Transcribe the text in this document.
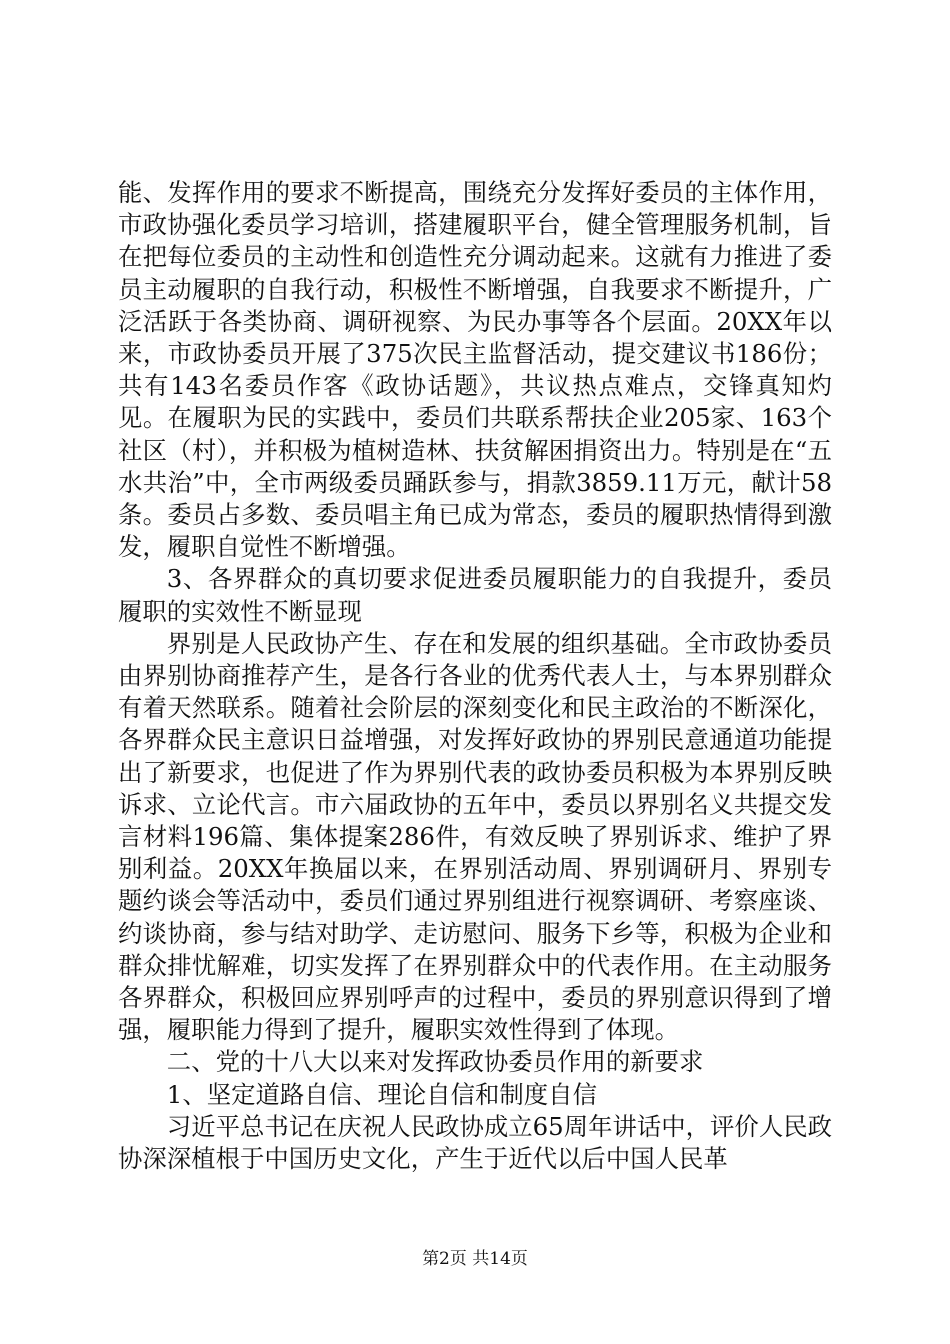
能、发挥作用的要求不断提高，围绕充分发挥好委员的主体作用，市政协强化委员学习培训，搭建履职平台，健全管理服务机制，旨在把每位委员的主动性和创造性充分调动起来。这就有力推进了委员主动履职的自我行动，积极性不断增强，自我要求不断提升，广泛活跃于各类协商、调研视察、为民办事等各个层面。20XX年以来，市政协委员开展了375次民主监督活动，提交建议书186份；共有143名委员作客《政协话题》，共议热点难点，交锋真知灼见。在履职为民的实践中，委员们共联系帮扶企业205家、163个社区（村），并积极为植树造林、扶贫解困捐资出力。特别是在“五水共治”中，全市两级委员踊跃参与，捐款3859.11万元，献计58条。委员占多数、委员唱主角已成为常态，委员的履职热情得到激发，履职自觉性不断增强。

3、各界群众的真切要求促进委员履职能力的自我提升，委员履职的实效性不断显现

界别是人民政协产生、存在和发展的组织基础。全市政协委员由界别协商推荐产生，是各行各业的优秀代表人士，与本界别群众有着天然联系。随着社会阶层的深刻变化和民主政治的不断深化，各界群众民主意识日益增强，对发挥好政协的界别民意通道功能提出了新要求，也促进了作为界别代表的政协委员积极为本界别反映诉求、立论代言。市六届政协的五年中，委员以界别名义共提交发言材料196篇、集体提案286件，有效反映了界别诉求、维护了界别利益。20XX年换届以来，在界别活动周、界别调研月、界别专题约谈会等活动中，委员们通过界别组进行视察调研、考察座谈、约谈协商，参与结对助学、走访慰问、服务下乡等，积极为企业和群众排忧解难，切实发挥了在界别群众中的代表作用。在主动服务各界群众，积极回应界别呼声的过程中，委员的界别意识得到了增强，履职能力得到了提升，履职实效性得到了体现。

二、党的十八大以来对发挥政协委员作用的新要求

1、坚定道路自信、理论自信和制度自信

习近平总书记在庆祝人民政协成立65周年讲话中，评价人民政协深深植根于中国历史文化，产生于近代以后中国人民革

第2页 共14页
